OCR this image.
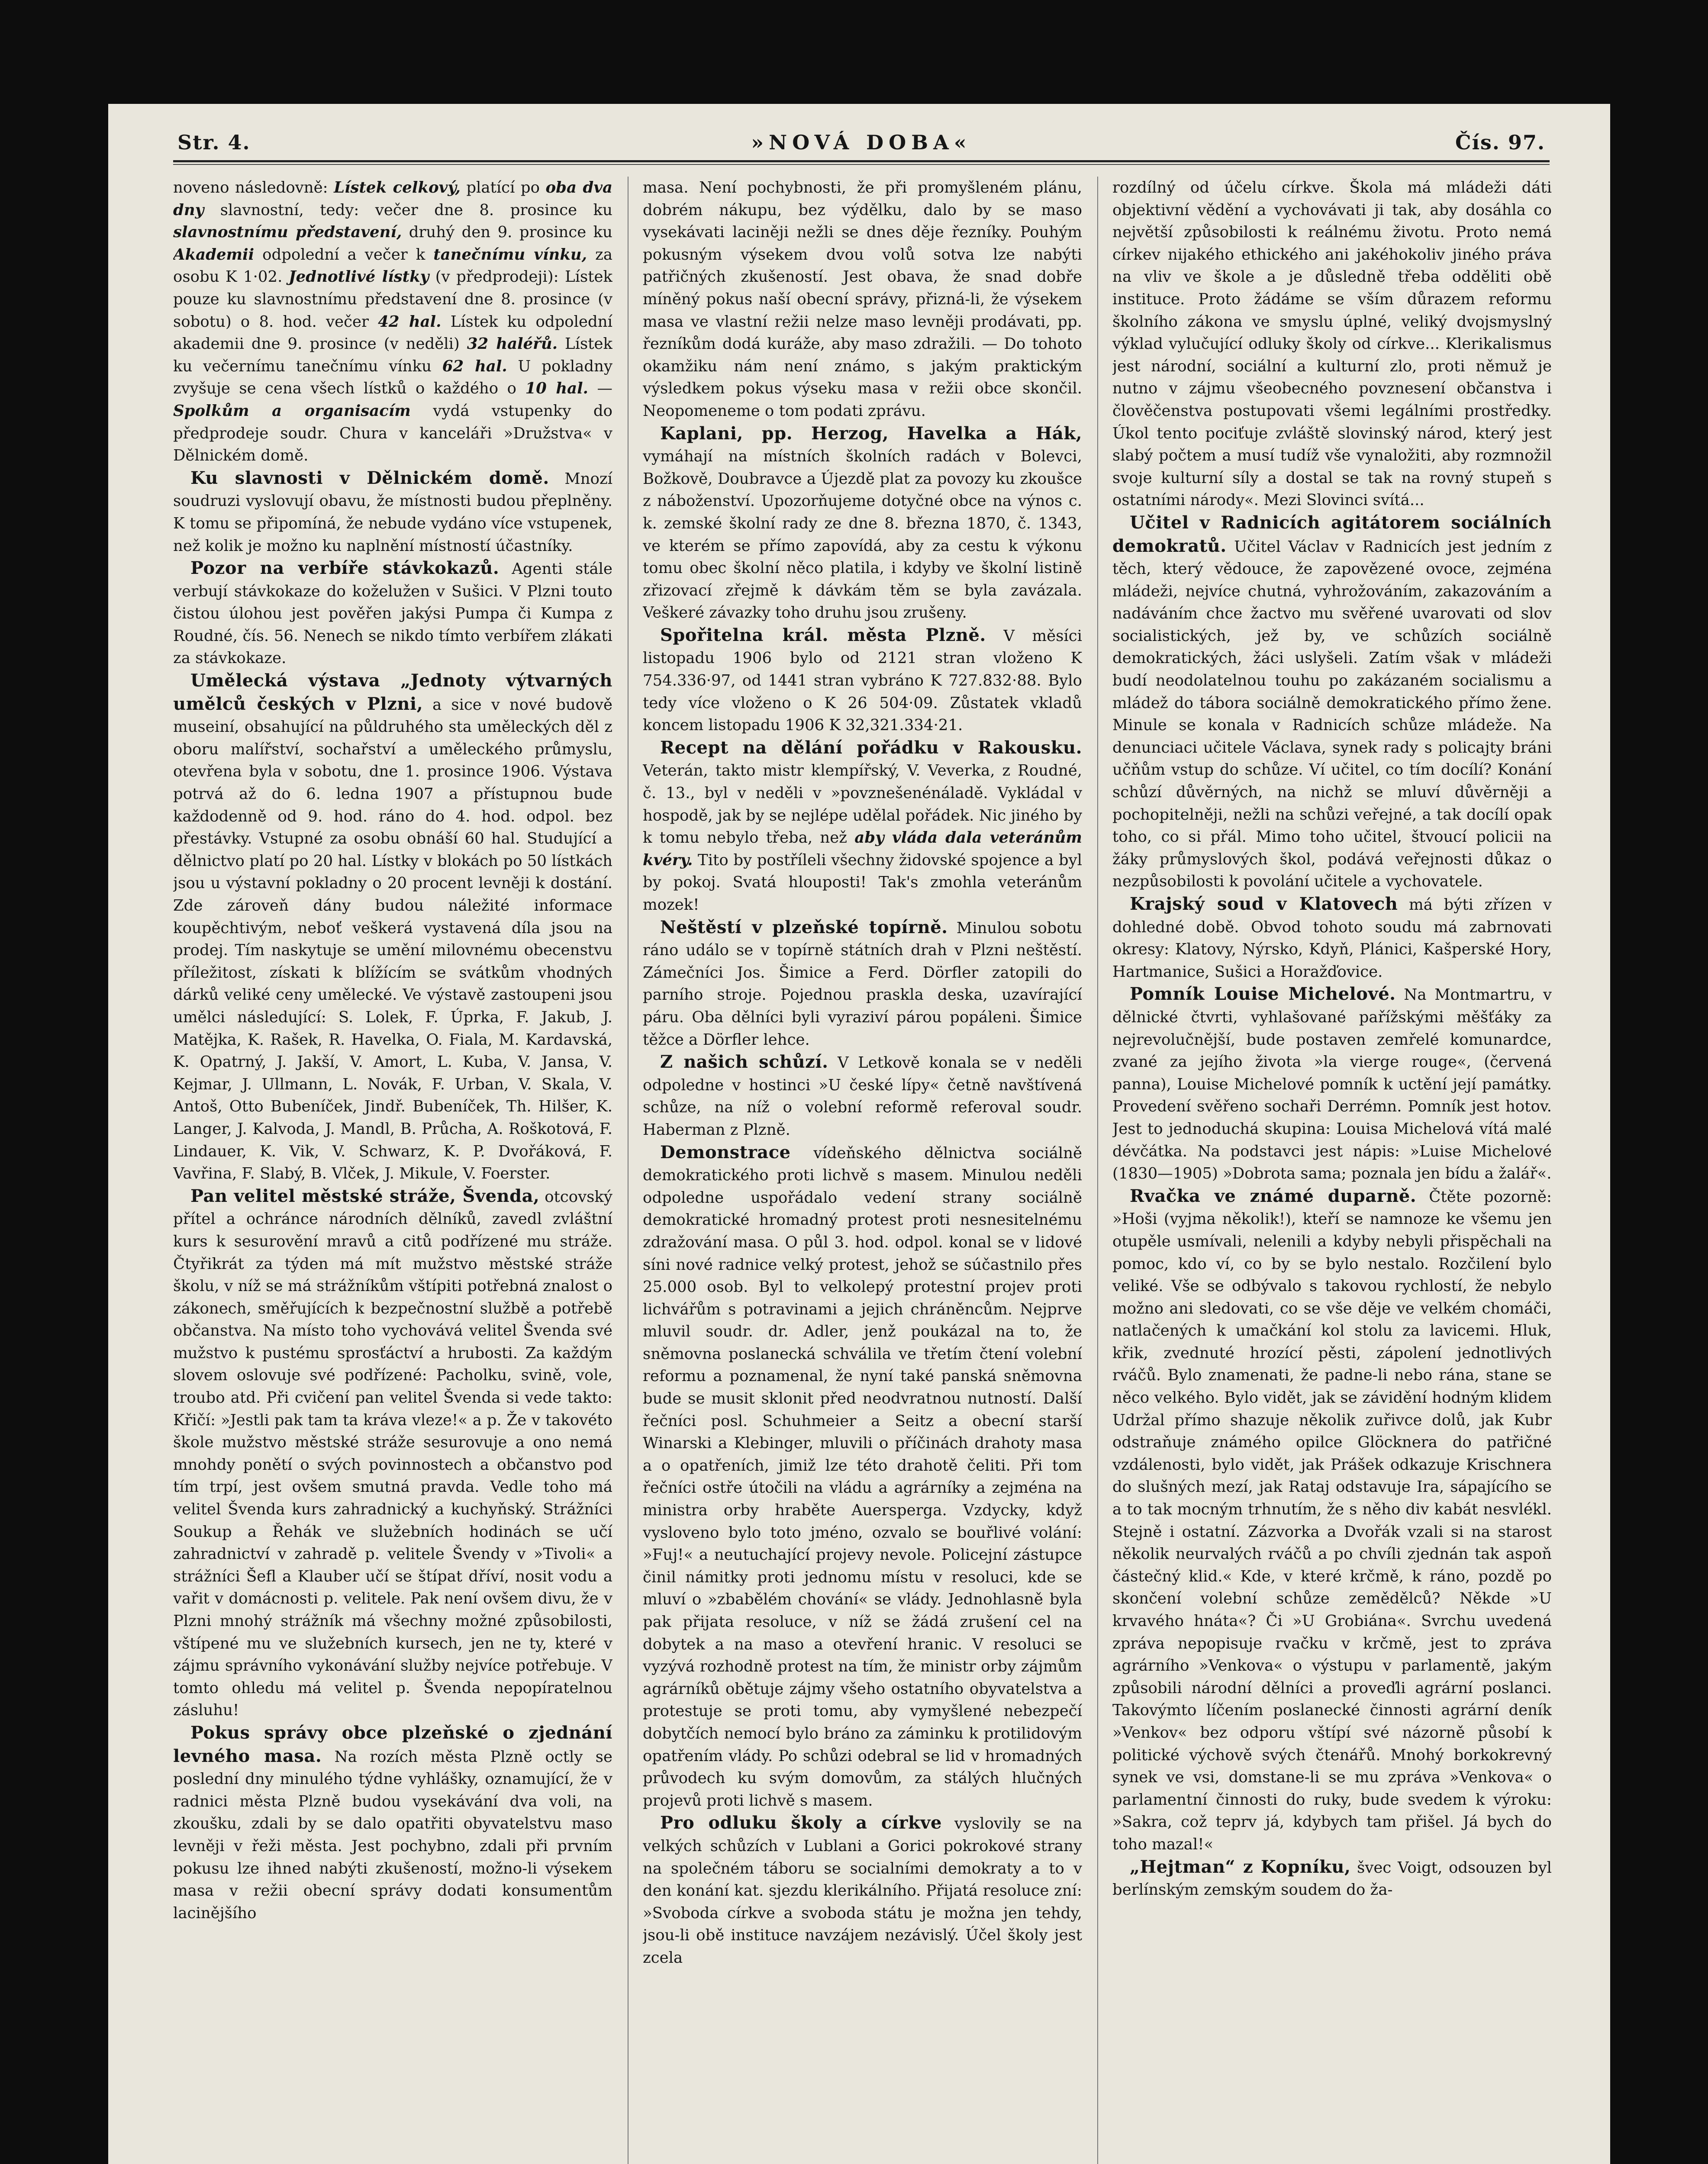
Str. 4.	»NOVÁ DOBA«	Čís. 97.

noveno následovně: Lístek celkový, platící po oba dva dny slavnostní, tedy: večer dne 8. prosince ku slavnostnímu představení, druhý den 9. prosince ku Akademii odpolední a večer k tanečnímu vínku, za osobu K 1·02. Jednotlivé lístky (v předprodeji): Lístek pouze ku slavnostnímu představení dne 8. prosince (v sobotu) o 8. hod. večer 42 hal. Lístek ku odpolední akademii dne 9. prosince (v neděli) 32 haléřů. Lístek ku večernímu tanečnímu vínku 62 hal. U pokladny zvyšuje se cena všech lístků o každého o 10 hal. — Spolkům a organisacím vydá vstupenky do předprodeje soudr. Chura v kanceláři »Družstva« v Dělnickém domě.

Ku slavnosti v Dělnickém domě. Mnozí soudruzi vyslovují obavu, že místnosti budou přeplněny. K tomu se připomíná, že nebude vydáno více vstupenek, než kolik je možno ku naplnění místností účastníky.

Pozor na verbíře stávkokazů. Agenti stále verbují stávkokaze do koželužen v Sušici. V Plzni touto čistou úlohou jest pověřen jakýsi Pumpa či Kumpa z Roudné, čís. 56. Nenech se nikdo tímto verbířem zlákati za stávkokaze.

Umělecká výstava „Jednoty výtvarných umělců českých v Plzni, a sice v nové budově museiní, obsahující na půldruhého sta uměleckých děl z oboru malířství, sochařství a uměleckého průmyslu, otevřena byla v sobotu, dne 1. prosince 1906. Výstava potrvá až do 6. ledna 1907 a přístupnou bude každodenně od 9. hod. ráno do 4. hod. odpol. bez přestávky. Vstupné za osobu obnáší 60 hal. Studující a dělnictvo platí po 20 hal. Lístky v blokách po 50 lístkách jsou u výstavní pokladny o 20 procent levněji k dostání. Zde zároveň dány budou náležité informace koupěchtivým, neboť veškerá vystavená díla jsou na prodej. Tím naskytuje se umění milovnému obecenstvu příležitost, získati k blížícím se svátkům vhodných dárků veliké ceny umělecké. Ve výstavě zastoupeni jsou umělci následující: S. Lolek, F. Úprka, F. Jakub, J. Matějka, K. Rašek, R. Havelka, O. Fiala, M. Kardavská, K. Opatrný, J. Jakší, V. Amort, L. Kuba, V. Jansa, V. Kejmar, J. Ullmann, L. Novák, F. Urban, V. Skala, V. Antoš, Otto Bubeníček, Jindř. Bubeníček, Th. Hilšer, K. Langer, J. Kalvoda, J. Mandl, B. Průcha, A. Roškotová, F. Lindauer, K. Vik, V. Schwarz, K. P. Dvořáková, F. Vavřina, F. Slabý, B. Vlček, J. Mikule, V. Foerster.

Pan velitel městské stráže, Švenda, otcovský přítel a ochránce národních dělníků, zavedl zvláštní kurs k sesurovění mravů a citů podřízené mu stráže. Čtyřikrát za týden má mít mužstvo městské stráže školu, v níž se má strážníkům vštípiti potřebná znalost o zákonech, směřujících k bezpečnostní službě a potřebě občanstva. Na místo toho vychovává velitel Švenda své mužstvo k pustému sprosťáctví a hrubosti. Za každým slovem oslovuje své podřízené: Pacholku, svině, vole, troubo atd. Při cvičení pan velitel Švenda si vede takto: Křičí: »Jestli pak tam ta kráva vleze!« a p. Že v takovéto škole mužstvo městské stráže sesurovuje a ono nemá mnohdy ponětí o svých povinnostech a občanstvo pod tím trpí, jest ovšem smutná pravda. Vedle toho má velitel Švenda kurs zahradnický a kuchyňský. Strážníci Soukup a Řehák ve služebních hodinách se učí zahradnictví v zahradě p. velitele Švendy v »Tivoli« a strážníci Šefl a Klauber učí se štípat dříví, nosit vodu a vařit v domácnosti p. velitele. Pak není ovšem divu, že v Plzni mnohý strážník má všechny možné způsobilosti, vštípené mu ve služebních kursech, jen ne ty, které v zájmu správního vykonávání služby nejvíce potřebuje. V tomto ohledu má velitel p. Švenda nepopíratelnou zásluhu!

Pokus správy obce plzeňské o zjednání levného masa. Na rozích města Plzně octly se poslední dny minulého týdne vyhlášky, oznamující, že v radnici města Plzně budou vysekávání dva voli, na zkoušku, zdali by se dalo opatřiti obyvatelstvu maso levněji v řeži města. Jest pochybno, zdali při prvním pokusu lze ihned nabýti zkušeností, možno-li výsekem masa v režii obecní správy dodati konsumentům lacinějšího

masa. Není pochybnosti, že při promyšleném plánu, dobrém nákupu, bez výdělku, dalo by se maso vysekávati laciněji nežli se dnes děje řezníky. Pouhým pokusným výsekem dvou volů sotva lze nabýti patřičných zkušeností. Jest obava, že snad dobře míněný pokus naší obecní správy, přizná-li, že výsekem masa ve vlastní režii nelze maso levněji prodávati, pp. řezníkům dodá kuráže, aby maso zdražili. — Do tohoto okamžiku nám není známo, s jakým praktickým výsledkem pokus výseku masa v režii obce skončil. Neopomeneme o tom podati zprávu.

Kaplani, pp. Herzog, Havelka a Hák, vymáhají na místních školních radách v Bolevci, Božkově, Doubravce a Újezdě plat za povozy ku zkoušce z náboženství. Upozorňujeme dotyčné obce na výnos c. k. zemské školní rady ze dne 8. března 1870, č. 1343, ve kterém se přímo zapovídá, aby za cestu k výkonu tomu obec školní něco platila, i kdyby ve školní listině zřizovací zřejmě k dávkám těm se byla zavázala. Veškeré závazky toho druhu jsou zrušeny.

Spořitelna král. města Plzně. V měsíci listopadu 1906 bylo od 2121 stran vloženo K 754.336·97, od 1441 stran vybráno K 727.832·88. Bylo tedy více vloženo o K 26 504·09. Zůstatek vkladů koncem listopadu 1906 K 32,321.334·21.

Recept na dělání pořádku v Rakousku. Veterán, takto mistr klempířský, V. Veverka, z Roudné, č. 13., byl v neděli v »povznešenénáladě. Vykládal v hospodě, jak by se nejlépe udělal pořádek. Nic jiného by k tomu nebylo třeba, než aby vláda dala veteránům kvéry. Tito by postříleli všechny židovské spojence a byl by pokoj. Svatá hlouposti! Tak's zmohla veteránům mozek!

Neštěstí v plzeňské topírně. Minulou sobotu ráno událo se v topírně státních drah v Plzni neštěstí. Zámečníci Jos. Šimice a Ferd. Dörfler zatopili do parního stroje. Pojednou praskla deska, uzavírající páru. Oba dělníci byli vyraziví párou popáleni. Šimice těžce a Dörfler lehce.

Z našich schůzí. V Letkově konala se v neděli odpoledne v hostinci »U české lípy« četně navštívená schůze, na níž o volební reformě referoval soudr. Haberman z Plzně.

Demonstrace vídeňského dělnictva sociálně demokratického proti lichvě s masem. Minulou neděli odpoledne uspořádalo vedení strany sociálně demokratické hromadný protest proti nesnesitelnému zdražování masa. O půl 3. hod. odpol. konal se v lidové síni nové radnice velký protest, jehož se súčastnilo přes 25.000 osob. Byl to velkolepý protestní projev proti lichvářům s potravinami a jejich chráněncům. Nejprve mluvil soudr. dr. Adler, jenž poukázal na to, že sněmovna poslanecká schválila ve třetím čtení volební reformu a poznamenal, že nyní také panská sněmovna bude se musit sklonit před neodvratnou nutností. Další řečníci posl. Schuhmeier a Seitz a obecní starší Winarski a Klebinger, mluvili o příčinách drahoty masa a o opatřeních, jimiž lze této drahotě čeliti. Při tom řečníci ostře útočili na vládu a agrárníky a zejména na ministra orby hraběte Auersperga. Vzdycky, když vysloveno bylo toto jméno, ozvalo se bouřlivé volání: »Fuj!« a neutuchající projevy nevole. Policejní zástupce činil námitky proti jednomu místu v resoluci, kde se mluví o »zbabělém chování« se vlády. Jednohlasně byla pak přijata resoluce, v níž se žádá zrušení cel na dobytek a na maso a otevření hranic. V resoluci se vyzývá rozhodně protest na tím, že ministr orby zájmům agrárníků obětuje zájmy všeho ostatního obyvatelstva a protestuje se proti tomu, aby vymyšlené nebezpečí dobytčích nemocí bylo bráno za záminku k protilidovým opatřením vlády. Po schůzi odebral se lid v hromadných průvodech ku svým domovům, za stálých hlučných projevů proti lichvě s masem.

Pro odluku školy a církve vyslovily se na velkých schůzích v Lublani a Gorici pokrokové strany na společném táboru se socialními demokraty a to v den konání kat. sjezdu klerikálního. Přijatá resoluce zní: »Svoboda církve a svoboda státu je možna jen tehdy, jsou-li obě instituce navzájem nezávislý. Účel školy jest zcela

rozdílný od účelu církve. Škola má mládeži dáti objektivní vědění a vychovávati ji tak, aby dosáhla co největší způsobilosti k reálnému životu. Proto nemá církev nijakého ethického ani jakéhokoliv jiného práva na vliv ve škole a je důsledně třeba odděliti obě instituce. Proto žádáme se vším důrazem reformu školního zákona ve smyslu úplné, veliký dvojsmyslný výklad vylučující odluky školy od církve... Klerikalismus jest národní, sociální a kulturní zlo, proti němuž je nutno v zájmu všeobecného povznesení občanstva i člověčenstva postupovati všemi legálními prostředky. Úkol tento pociťuje zvláště slovinský národ, který jest slabý počtem a musí tudíž vše vynaložiti, aby rozmnožil svoje kulturní síly a dostal se tak na rovný stupeň s ostatními národy«. Mezi Slovinci svítá...

Učitel v Radnicích agitátorem sociálních demokratů. Učitel Václav v Radnicích jest jedním z těch, který vědouce, že zapovězené ovoce, zejména mládeži, nejvíce chutná, vyhrožováním, zakazováním a nadáváním chce žactvo mu svěřené uvarovati od slov socialistických, jež by, ve schůzích sociálně demokratických, žáci uslyšeli. Zatím však v mládeži budí neodolatelnou touhu po zakázaném socialismu a mládež do tábora sociálně demokratického přímo žene. Minule se konala v Radnicích schůze mládeže. Na denunciaci učitele Václava, synek rady s policajty bráni učňům vstup do schůze. Ví učitel, co tím docílí? Konání schůzí důvěrných, na nichž se mluví důvěrněji a pochopitelněji, nežli na schůzi veřejné, a tak docílí opak toho, co si přál. Mimo toho učitel, štvoucí policii na žáky průmyslových škol, podává veřejnosti důkaz o nezpůsobilosti k povolání učitele a vychovatele.

Krajský soud v Klatovech má býti zřízen v dohledné době. Obvod tohoto soudu má zabrnovati okresy: Klatovy, Nýrsko, Kdyň, Plánici, Kašperské Hory, Hartmanice, Sušici a Horažďovice.

Pomník Louise Michelové. Na Montmartru, v dělnické čtvrti, vyhlašované pařížskými měšťáky za nejrevolučnější, bude postaven zemřelé komunardce, zvané za jejího života »la vierge rouge«, (červená panna), Louise Michelové pomník k uctění její památky. Provedení svěřeno sochaři Derrémn. Pomník jest hotov. Jest to jednoduchá skupina: Louisa Michelová vítá malé dévčátka. Na podstavci jest nápis: »Luise Michelové (1830—1905) »Dobrota sama; poznala jen bídu a žalář«.

Rvačka ve známé duparně. Čtěte pozorně: »Hoši (vyjma několik!), kteří se namnoze ke všemu jen otupěle usmívali, nelenili a kdyby nebyli přispěchali na pomoc, kdo ví, co by se bylo nestalo. Rozčilení bylo veliké. Vše se odbývalo s takovou rychlostí, že nebylo možno ani sledovati, co se vše děje ve velkém chomáči, natlačených k umačkání kol stolu za lavicemi. Hluk, křik, zvednuté hrozící pěsti, zápolení jednotlivých rváčů. Bylo znamenati, že padne-li nebo rána, stane se něco velkého. Bylo vidět, jak se závidění hodným klidem Udržal přímo shazuje několik zuřivce dolů, jak Kubr odstraňuje známého opilce Glöcknera do patřičné vzdálenosti, bylo vidět, jak Prášek odkazuje Krischnera do slušných mezí, jak Rataj odstavuje Ira, sápajícího se a to tak mocným trhnutím, že s něho div kabát nesvlékl. Stejně i ostatní. Zázvorka a Dvořák vzali si na starost několik neurvalých rváčů a po chvíli zjednán tak aspoň částečný klid.« Kde, v které krčmě, k ráno, pozdě po skončení volební schůze zemědělců? Někde »U krvavého hnáta«? Či »U Grobiána«. Svrchu uvedená zpráva nepopisuje rvačku v krčmě, jest to zpráva agrárního »Venkova« o výstupu v parlamentě, jakým způsobili národní dělníci a proveďli agrární poslanci. Takovýmto líčením poslanecké činnosti agrární deník »Venkov« bez odporu vštípí své názorně působí k politické výchově svých čtenářů. Mnohý borkokrevný synek ve vsi, domstane-li se mu zpráva »Venkova« o parlamentní činnosti do ruky, bude svedem k výroku: »Sakra, což teprv já, kdybych tam přišel. Já bych do toho mazal!«

„Hejtman“ z Kopníku, švec Voigt, odsouzen byl berlínským zemským soudem do ža-
